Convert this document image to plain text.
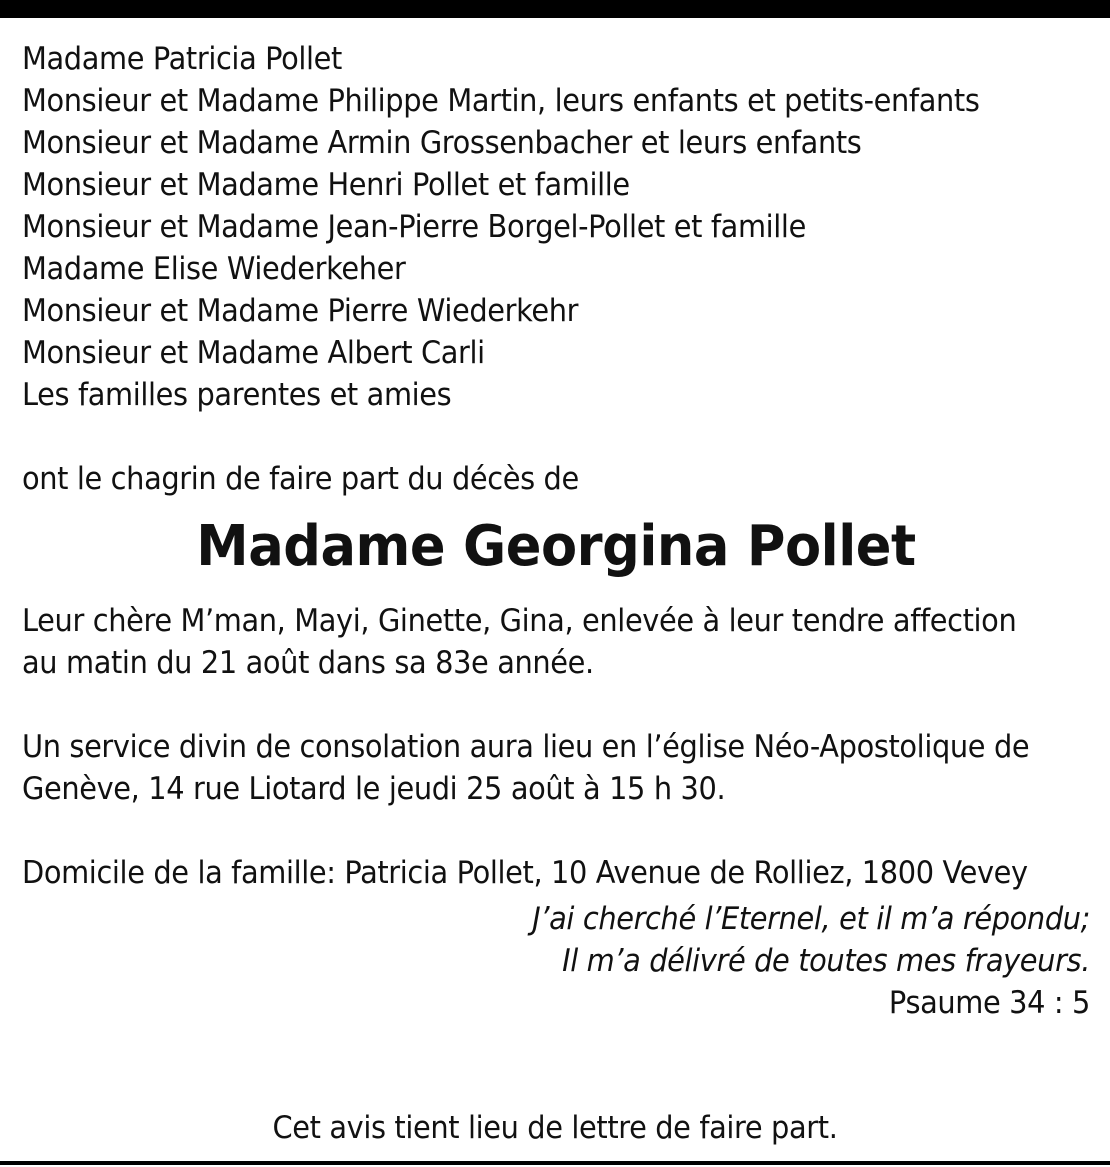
Madame Patricia Pollet
Monsieur et Madame Philippe Martin, leurs enfants et petits-enfants
Monsieur et Madame Armin Grossenbacher et leurs enfants
Monsieur et Madame Henri Pollet et famille
Monsieur et Madame Jean-Pierre Borgel-Pollet et famille
Madame Elise Wiederkeher
Monsieur et Madame Pierre Wiederkehr
Monsieur et Madame Albert Carli
Les familles parentes et amies
ont le chagrin de faire part du décès de
Madame Georgina Pollet
Leur chère M’man, Mayi, Ginette, Gina, enlevée à leur tendre affection
au matin du 21 août dans sa 83e année.
Un service divin de consolation aura lieu en l’église Néo-Apostolique de
Genève, 14 rue Liotard le jeudi 25 août à 15 h 30.
Domicile de la famille: Patricia Pollet, 10 Avenue de Rolliez, 1800 Vevey
J’ai cherché l’Eternel, et il m’a répondu;
Il m’a délivré de toutes mes frayeurs.
Psaume 34 : 5
Cet avis tient lieu de lettre de faire part.
